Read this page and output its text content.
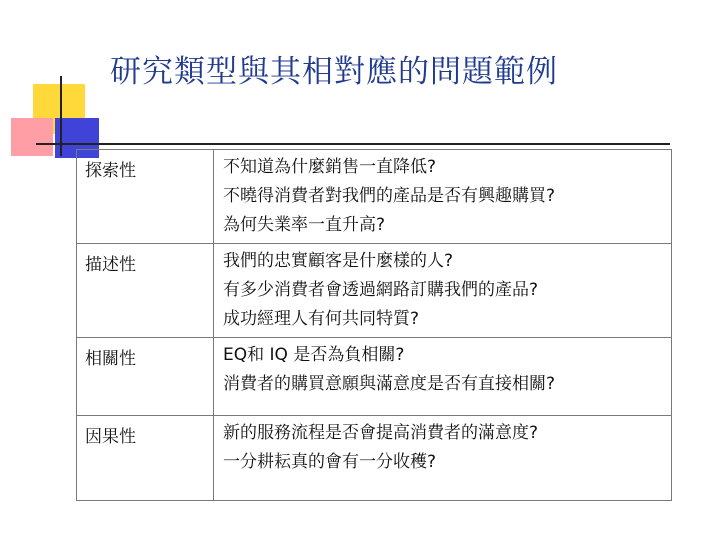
研究類型與其相對應的問題範例
探索性	不知道為什麼銷售一直降低?
不曉得消費者對我們的產品是否有興趣購買?
為何失業率一直升高?

描述性	我們的忠實顧客是什麼樣的人?
有多少消費者會透過網路訂購我們的產品?
成功經理人有何共同特質?

相關性	EQ和 IQ 是否為負相關?
消費者的購買意願與滿意度是否有直接相關?

因果性	新的服務流程是否會提高消費者的滿意度?
一分耕耘真的會有一分收穫?
